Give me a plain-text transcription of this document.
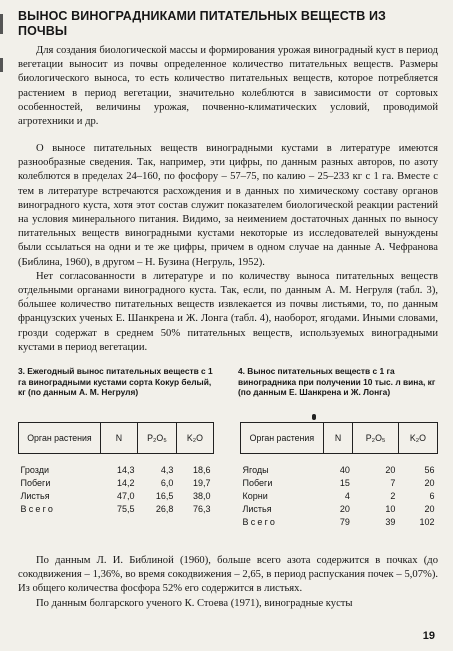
ВЫНОС ВИНОГРАДНИКАМИ ПИТАТЕЛЬНЫХ ВЕЩЕСТВ ИЗ ПОЧВЫ

Для создания биологической массы и формирования урожая виноградный куст в период вегетации выносит из почвы определенное количество питательных веществ. Размеры биологического выноса, то есть количество питательных веществ, которое потребляется растением в период вегетации, значительно колеблются в зависимости от сортовых особенностей, величины урожая, почвенно-климатических условий, проводимой агротехники и др.

О выносе питательных веществ виноградными кустами в литературе имеются разнообразные сведения. Так, например, эти цифры, по данным разных авторов, по азоту колеблются в пределах 24–160, по фосфору – 57–75, по калию – 25–233 кг с 1 га. Вместе с тем в литературе встречаются расхождения и в данных по химическому составу органов виноградного куста, хотя этот состав служит показателем биологической реакции растений на условия минерального питания. Видимо, за неимением достаточных данных по выносу питательных веществ виноградными кустами некоторые из исследователей вынуждены были ссылаться на одни и те же цифры, причем в одном случае на данные А. Чефранова (Библина, 1960), в другом – Н. Бузина (Негруль, 1952).

Нет согласованности в литературе и по количеству выноса питательных веществ отдельными органами виноградного куста. Так, если, по данным А. М. Негруля (табл. 3), бо́льшее количество питательных веществ извлекается из почвы листьями, то, по данным французских ученых Е. Шанкрена и Ж. Лонга (табл. 4), наоборот, ягодами. Иными словами, грозди содержат в среднем 50% питательных веществ, используемых виноградными кустами в период вегетации.

3. Ежегодный вынос питательных веществ с 1 га виноградными кустами сорта Кокур белый, кг (по данным А. М. Негруля)
4. Вынос питательных веществ с 1 га виноградника при получении 10 тыс. л вина, кг (по данным Е. Шанкрена и Ж. Лонга)
Орган растения	N	P₂O₅	K₂O

Грозди	14,3	4,3	18,6
Побеги	14,2	6,0	19,7
Листья	47,0	16,5	38,0
Всего	75,5	26,8	76,3
Орган растения	N	P₂O₅	K₂O

Ягоды	40	20	56
Побеги	15	7	20
Корни	4	2	6
Листья	20	10	20
Всего	79	39	102

По данным Л. И. Библиной (1960), больше всего азота содержится в почках (до сокодвижения – 1,36%, во время сокодвижения – 2,65, в период распускания почек – 5,07%). Из общего количества фосфора 52% его содержится в листьях.

По данным болгарского ученого К. Стоева (1971), виноградные кусты

19
